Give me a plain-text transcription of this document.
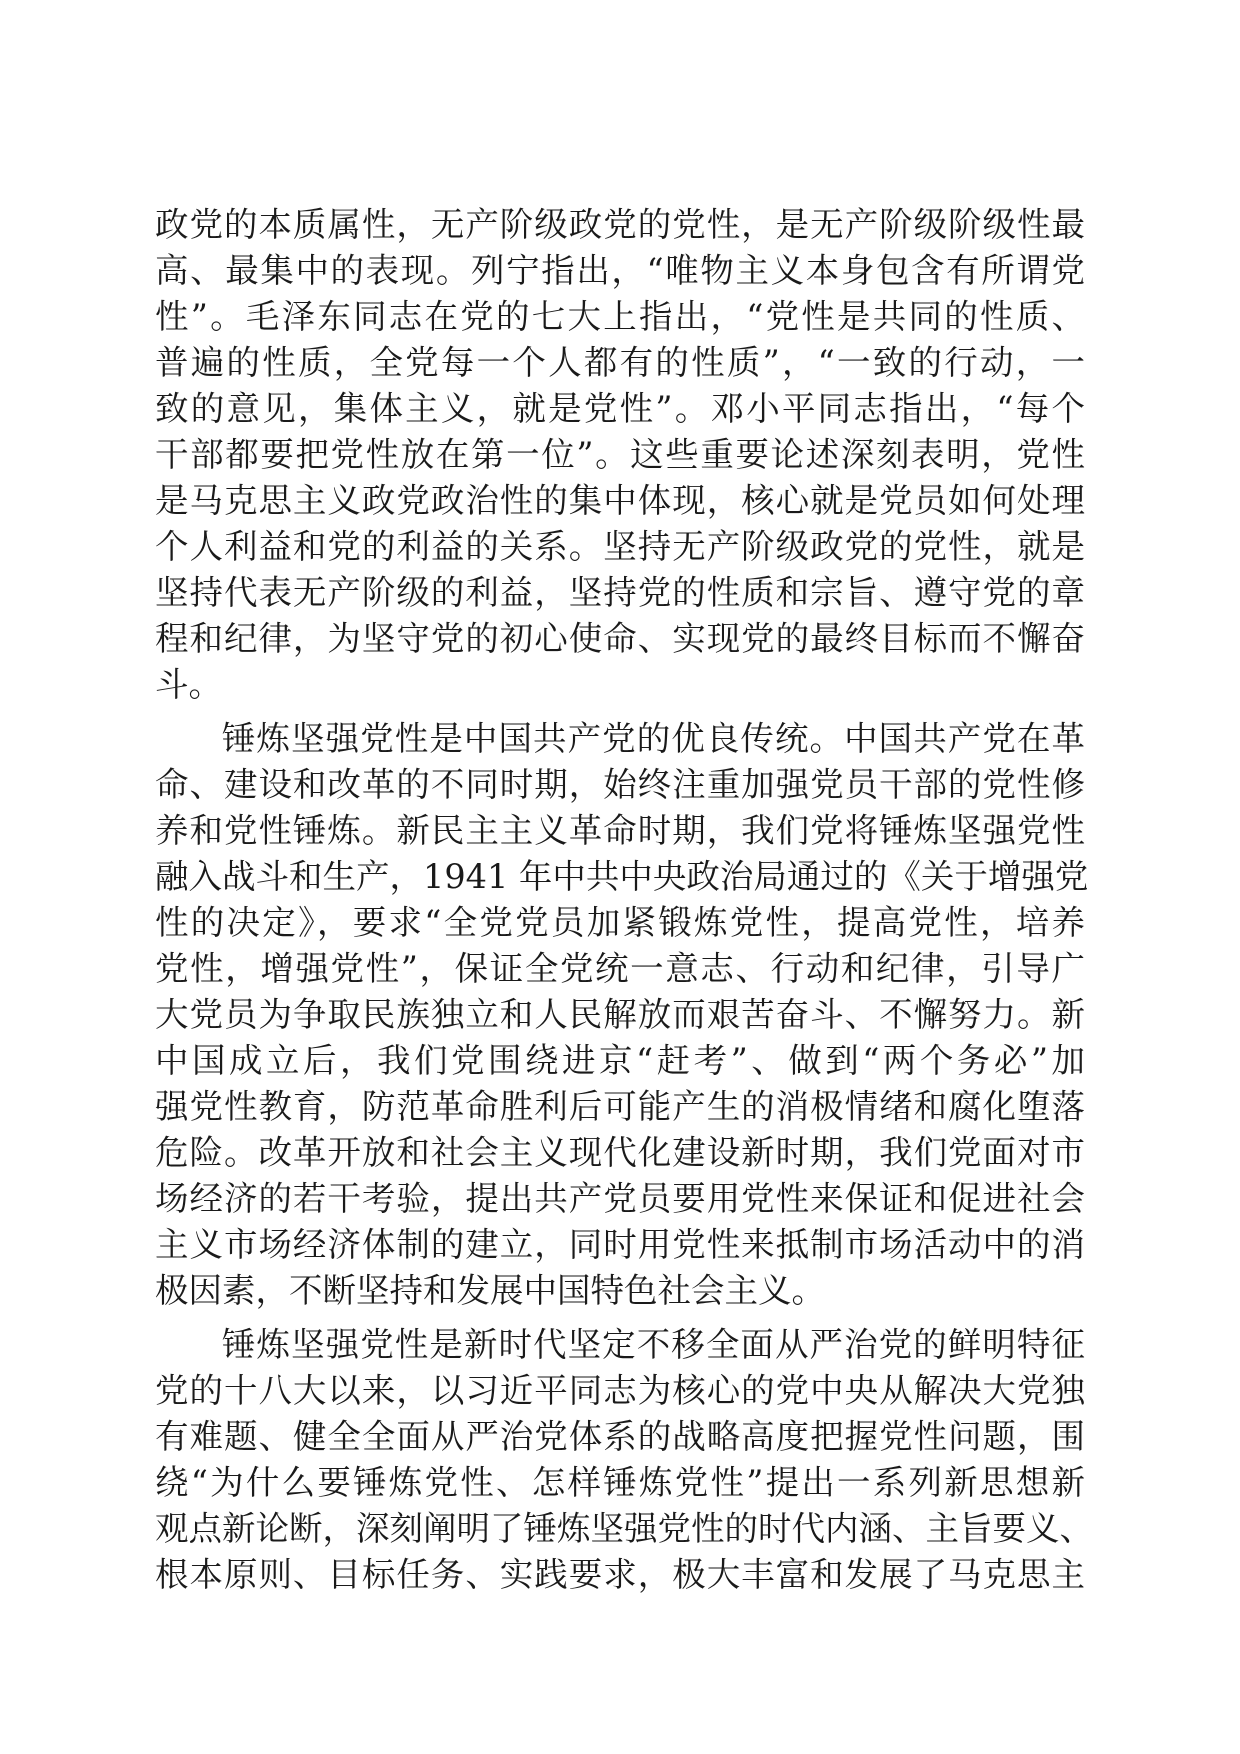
政党的本质属性，无产阶级政党的党性，是无产阶级阶级性最
高、最集中的表现。列宁指出，“唯物主义本身包含有所谓党
性”。毛泽东同志在党的七大上指出，“党性是共同的性质、
普遍的性质，全党每一个人都有的性质”，“一致的行动，一
致的意见，集体主义，就是党性”。邓小平同志指出，“每个
干部都要把党性放在第一位”。这些重要论述深刻表明，党性
是马克思主义政党政治性的集中体现，核心就是党员如何处理
个人利益和党的利益的关系。坚持无产阶级政党的党性，就是
坚持代表无产阶级的利益，坚持党的性质和宗旨、遵守党的章
程和纪律，为坚守党的初心使命、实现党的最终目标而不懈奋
斗。
锤炼坚强党性是中国共产党的优良传统。中国共产党在革
命、建设和改革的不同时期，始终注重加强党员干部的党性修
养和党性锤炼。新民主主义革命时期，我们党将锤炼坚强党性
融入战斗和生产，1941 年中共中央政治局通过的《关于增强党
性的决定》，要求“全党党员加紧锻炼党性，提高党性，培养
党性，增强党性”，保证全党统一意志、行动和纪律，引导广
大党员为争取民族独立和人民解放而艰苦奋斗、不懈努力。新
中国成立后，我们党围绕进京“赶考”、做到“两个务必”加
强党性教育，防范革命胜利后可能产生的消极情绪和腐化堕落
危险。改革开放和社会主义现代化建设新时期，我们党面对市
场经济的若干考验，提出共产党员要用党性来保证和促进社会
主义市场经济体制的建立，同时用党性来抵制市场活动中的消
极因素，不断坚持和发展中国特色社会主义。
锤炼坚强党性是新时代坚定不移全面从严治党的鲜明特征
党的十八大以来，以习近平同志为核心的党中央从解决大党独
有难题、健全全面从严治党体系的战略高度把握党性问题，围
绕“为什么要锤炼党性、怎样锤炼党性”提出一系列新思想新
观点新论断，深刻阐明了锤炼坚强党性的时代内涵、主旨要义、
根本原则、目标任务、实践要求，极大丰富和发展了马克思主
